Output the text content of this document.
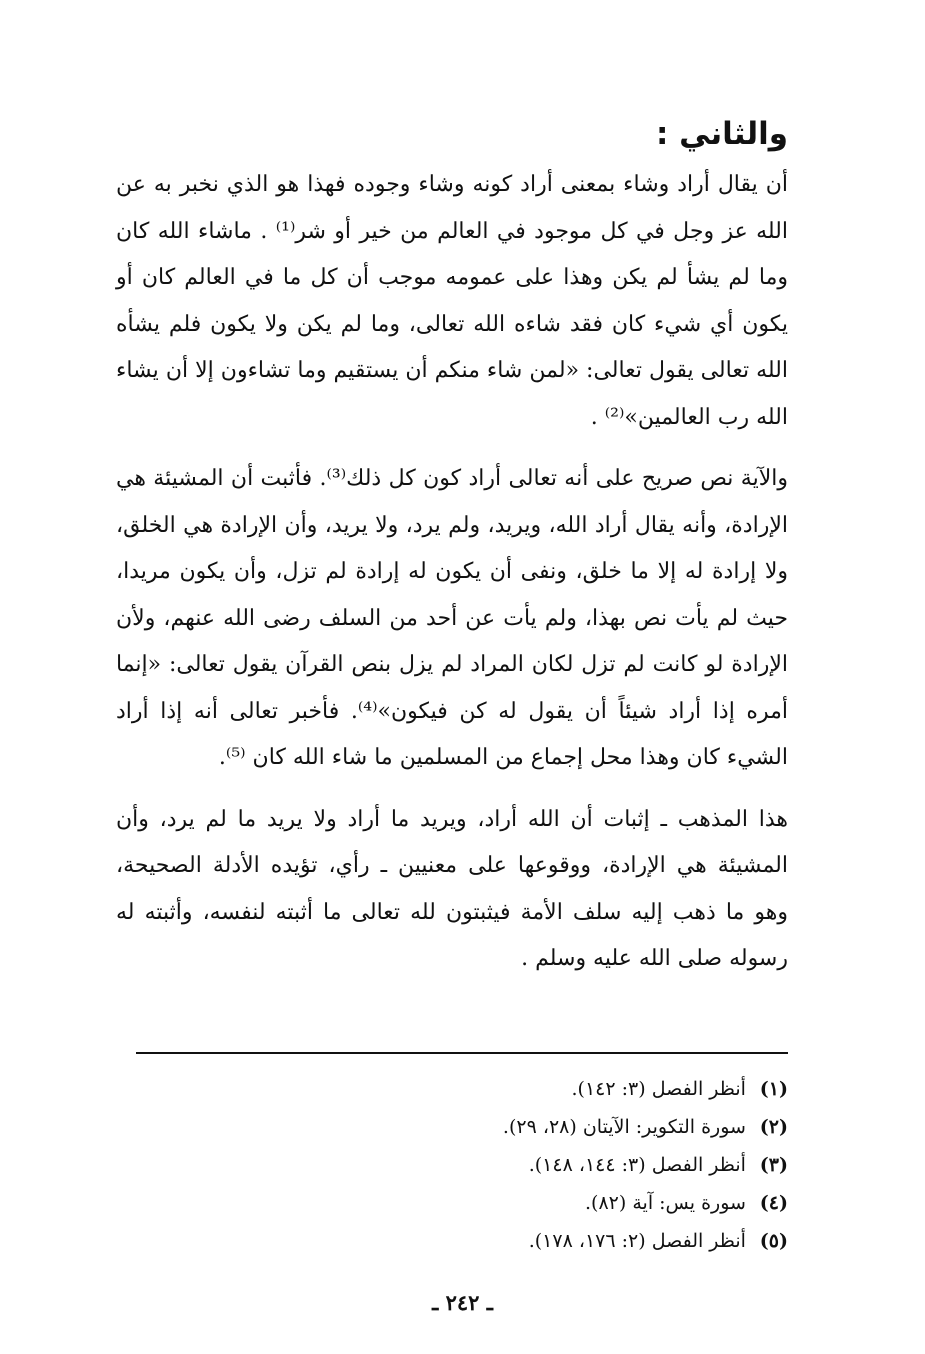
والثاني :

أن يقال أراد وشاء بمعنى أراد كونه وشاء وجوده فهذا هو الذي نخبر به عن الله عز وجل في كل موجود في العالم من خير أو شر⁽¹⁾ . ماشاء الله كان وما لم يشأ لم يكن وهذا على عمومه موجب أن كل ما في العالم كان أو يكون أي شيء كان فقد شاءه الله تعالى، وما لم يكن ولا يكون فلم يشأه الله تعالى يقول تعالى: «لمن شاء منكم أن يستقيم وما تشاءون إلا أن يشاء الله رب العالمين»⁽²⁾ .

والآية نص صريح على أنه تعالى أراد كون كل ذلك⁽³⁾. فأثبت أن المشيئة هي الإرادة، وأنه يقال أراد الله، ويريد، ولم يرد، ولا يريد، وأن الإرادة هي الخلق، ولا إرادة له إلا ما خلق، ونفى أن يكون له إرادة لم تزل، وأن يكون مريدا، حيث لم يأت نص بهذا، ولم يأت عن أحد من السلف رضى الله عنهم، ولأن الإرادة لو كانت لم تزل لكان المراد لم يزل بنص القرآن يقول تعالى: «إنما أمره إذا أراد شيئاً أن يقول له كن فيكون»⁽⁴⁾. فأخبر تعالى أنه إذا أراد الشيء كان وهذا محل إجماع من المسلمين ما شاء الله كان ⁽⁵⁾.

هذا المذهب ـ إثبات أن الله أراد، ويريد ما أراد ولا يريد ما لم يرد، وأن المشيئة هي الإرادة، ووقوعها على معنيين ـ رأي، تؤيده الأدلة الصحيحة، وهو ما ذهب إليه سلف الأمة فيثبتون لله تعالى ما أثبته لنفسه، وأثبته له رسوله صلى الله عليه وسلم .

(١) أنظر الفصل (٣: ١٤٢).
(٢) سورة التكوير: الآيتان (٢٨، ٢٩).
(٣) أنظر الفصل (٣: ١٤٤، ١٤٨).
(٤) سورة يس: آية (٨٢).
(٥) أنظر الفصل (٢: ١٧٦، ١٧٨).
ـ ٢٤٢ ـ
